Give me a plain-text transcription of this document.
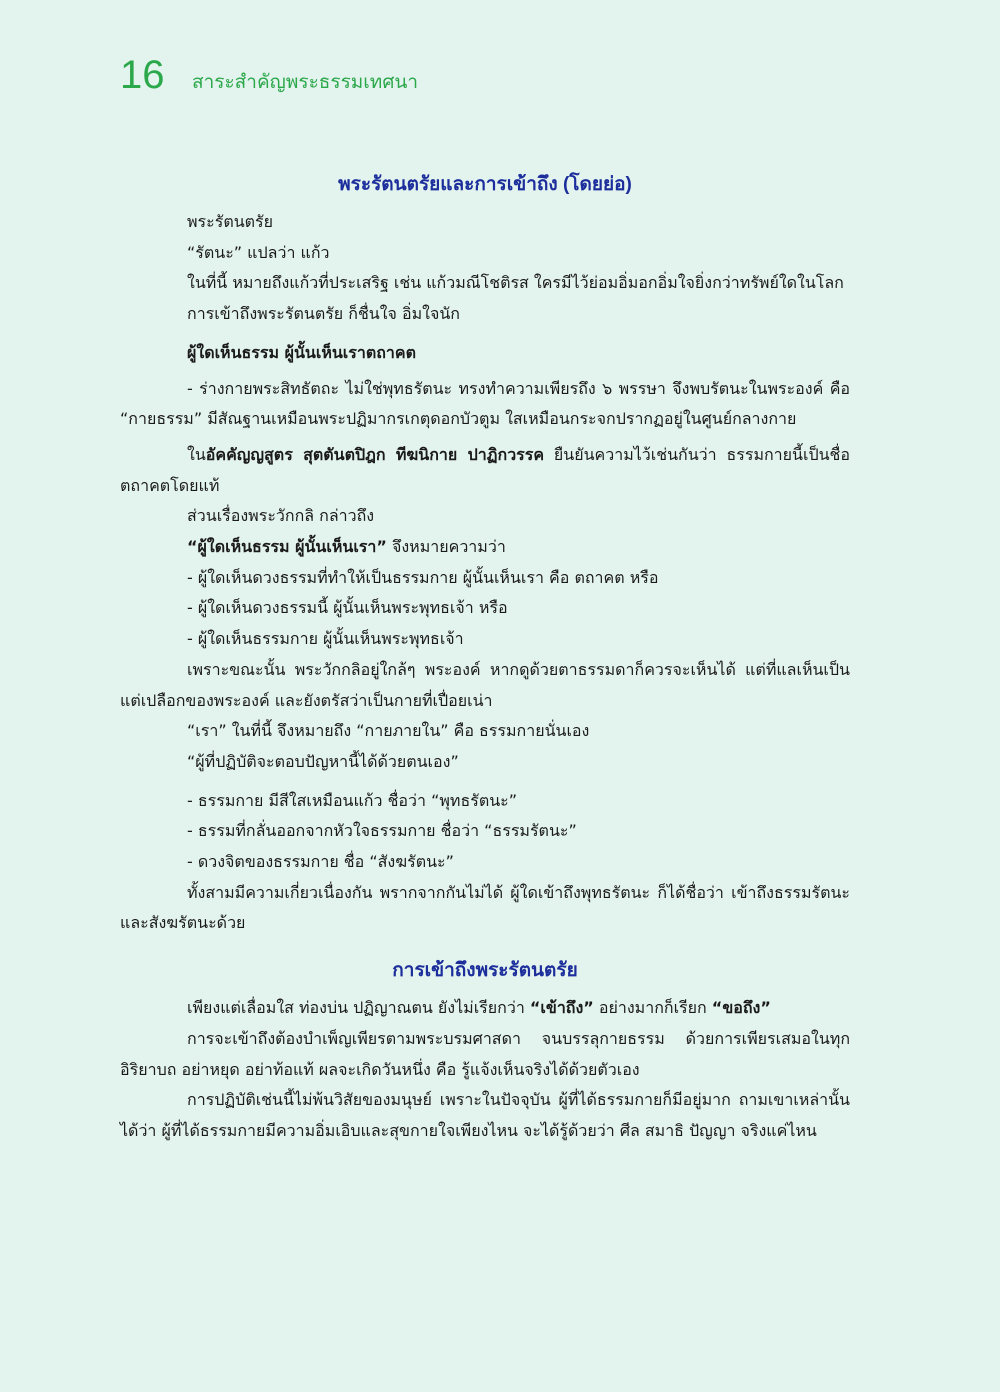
16 สาระสำคัญพระธรรมเทศนา
พระรัตนตรัยและการเข้าถึง (โดยย่อ)

พระรัตนตรัย

“รัตนะ” แปลว่า แก้ว

ในที่นี้ หมายถึงแก้วที่ประเสริฐ เช่น แก้วมณีโชติรส ใครมีไว้ย่อมอิ่มอกอิ่มใจยิ่งกว่าทรัพย์ใดในโลก

การเข้าถึงพระรัตนตรัย ก็ชื่นใจ อิ่มใจนัก

ผู้ใดเห็นธรรม ผู้นั้นเห็นเราตถาคต

- ร่างกายพระสิทธัตถะ ไม่ใช่พุทธรัตนะ ทรงทำความเพียรถึง ๖ พรรษา จึงพบรัตนะในพระองค์ คือ “กายธรรม” มีสัณฐานเหมือนพระปฏิมากรเกตุดอกบัวตูม ใสเหมือนกระจกปรากฏอยู่ในศูนย์กลางกาย

ในอัคคัญญสูตร สุตตันตปิฎก ทีฆนิกาย ปาฏิกวรรค ยืนยันความไว้เช่นกันว่า ธรรมกายนี้เป็นชื่อตถาคตโดยแท้

ส่วนเรื่องพระวักกลิ กล่าวถึง

“ผู้ใดเห็นธรรม ผู้นั้นเห็นเรา” จึงหมายความว่า

- ผู้ใดเห็นดวงธรรมที่ทำให้เป็นธรรมกาย ผู้นั้นเห็นเรา คือ ตถาคต หรือ

- ผู้ใดเห็นดวงธรรมนี้ ผู้นั้นเห็นพระพุทธเจ้า หรือ

- ผู้ใดเห็นธรรมกาย ผู้นั้นเห็นพระพุทธเจ้า

เพราะขณะนั้น พระวักกลิอยู่ใกล้ๆ พระองค์ หากดูด้วยตาธรรมดาก็ควรจะเห็นได้ แต่ที่แลเห็นเป็นแต่เปลือกของพระองค์ และยังตรัสว่าเป็นกายที่เปื่อยเน่า

“เรา” ในที่นี้ จึงหมายถึง “กายภายใน” คือ ธรรมกายนั่นเอง

“ผู้ที่ปฏิบัติจะตอบปัญหานี้ได้ด้วยตนเอง”

- ธรรมกาย มีสีใสเหมือนแก้ว ชื่อว่า “พุทธรัตนะ”

- ธรรมที่กลั่นออกจากหัวใจธรรมกาย ชื่อว่า “ธรรมรัตนะ”

- ดวงจิตของธรรมกาย ชื่อ “สังฆรัตนะ”

ทั้งสามมีความเกี่ยวเนื่องกัน พรากจากกันไม่ได้ ผู้ใดเข้าถึงพุทธรัตนะ ก็ได้ชื่อว่า เข้าถึงธรรมรัตนะ และสังฆรัตนะด้วย

การเข้าถึงพระรัตนตรัย

เพียงแต่เลื่อมใส ท่องบ่น ปฏิญาณตน ยังไม่เรียกว่า “เข้าถึง” อย่างมากก็เรียก “ขอถึง”

การจะเข้าถึงต้องบำเพ็ญเพียรตามพระบรมศาสดา จนบรรลุกายธรรม ด้วยการเพียรเสมอในทุกอิริยาบถ อย่าหยุด อย่าท้อแท้ ผลจะเกิดวันหนึ่ง คือ รู้แจ้งเห็นจริงได้ด้วยตัวเอง

การปฏิบัติเช่นนี้ไม่พ้นวิสัยของมนุษย์ เพราะในปัจจุบัน ผู้ที่ได้ธรรมกายก็มีอยู่มาก ถามเขาเหล่านั้นได้ว่า ผู้ที่ได้ธรรมกายมีความอิ่มเอิบและสุขกายใจเพียงไหน จะได้รู้ด้วยว่า ศีล สมาธิ ปัญญา จริงแค่ไหน
